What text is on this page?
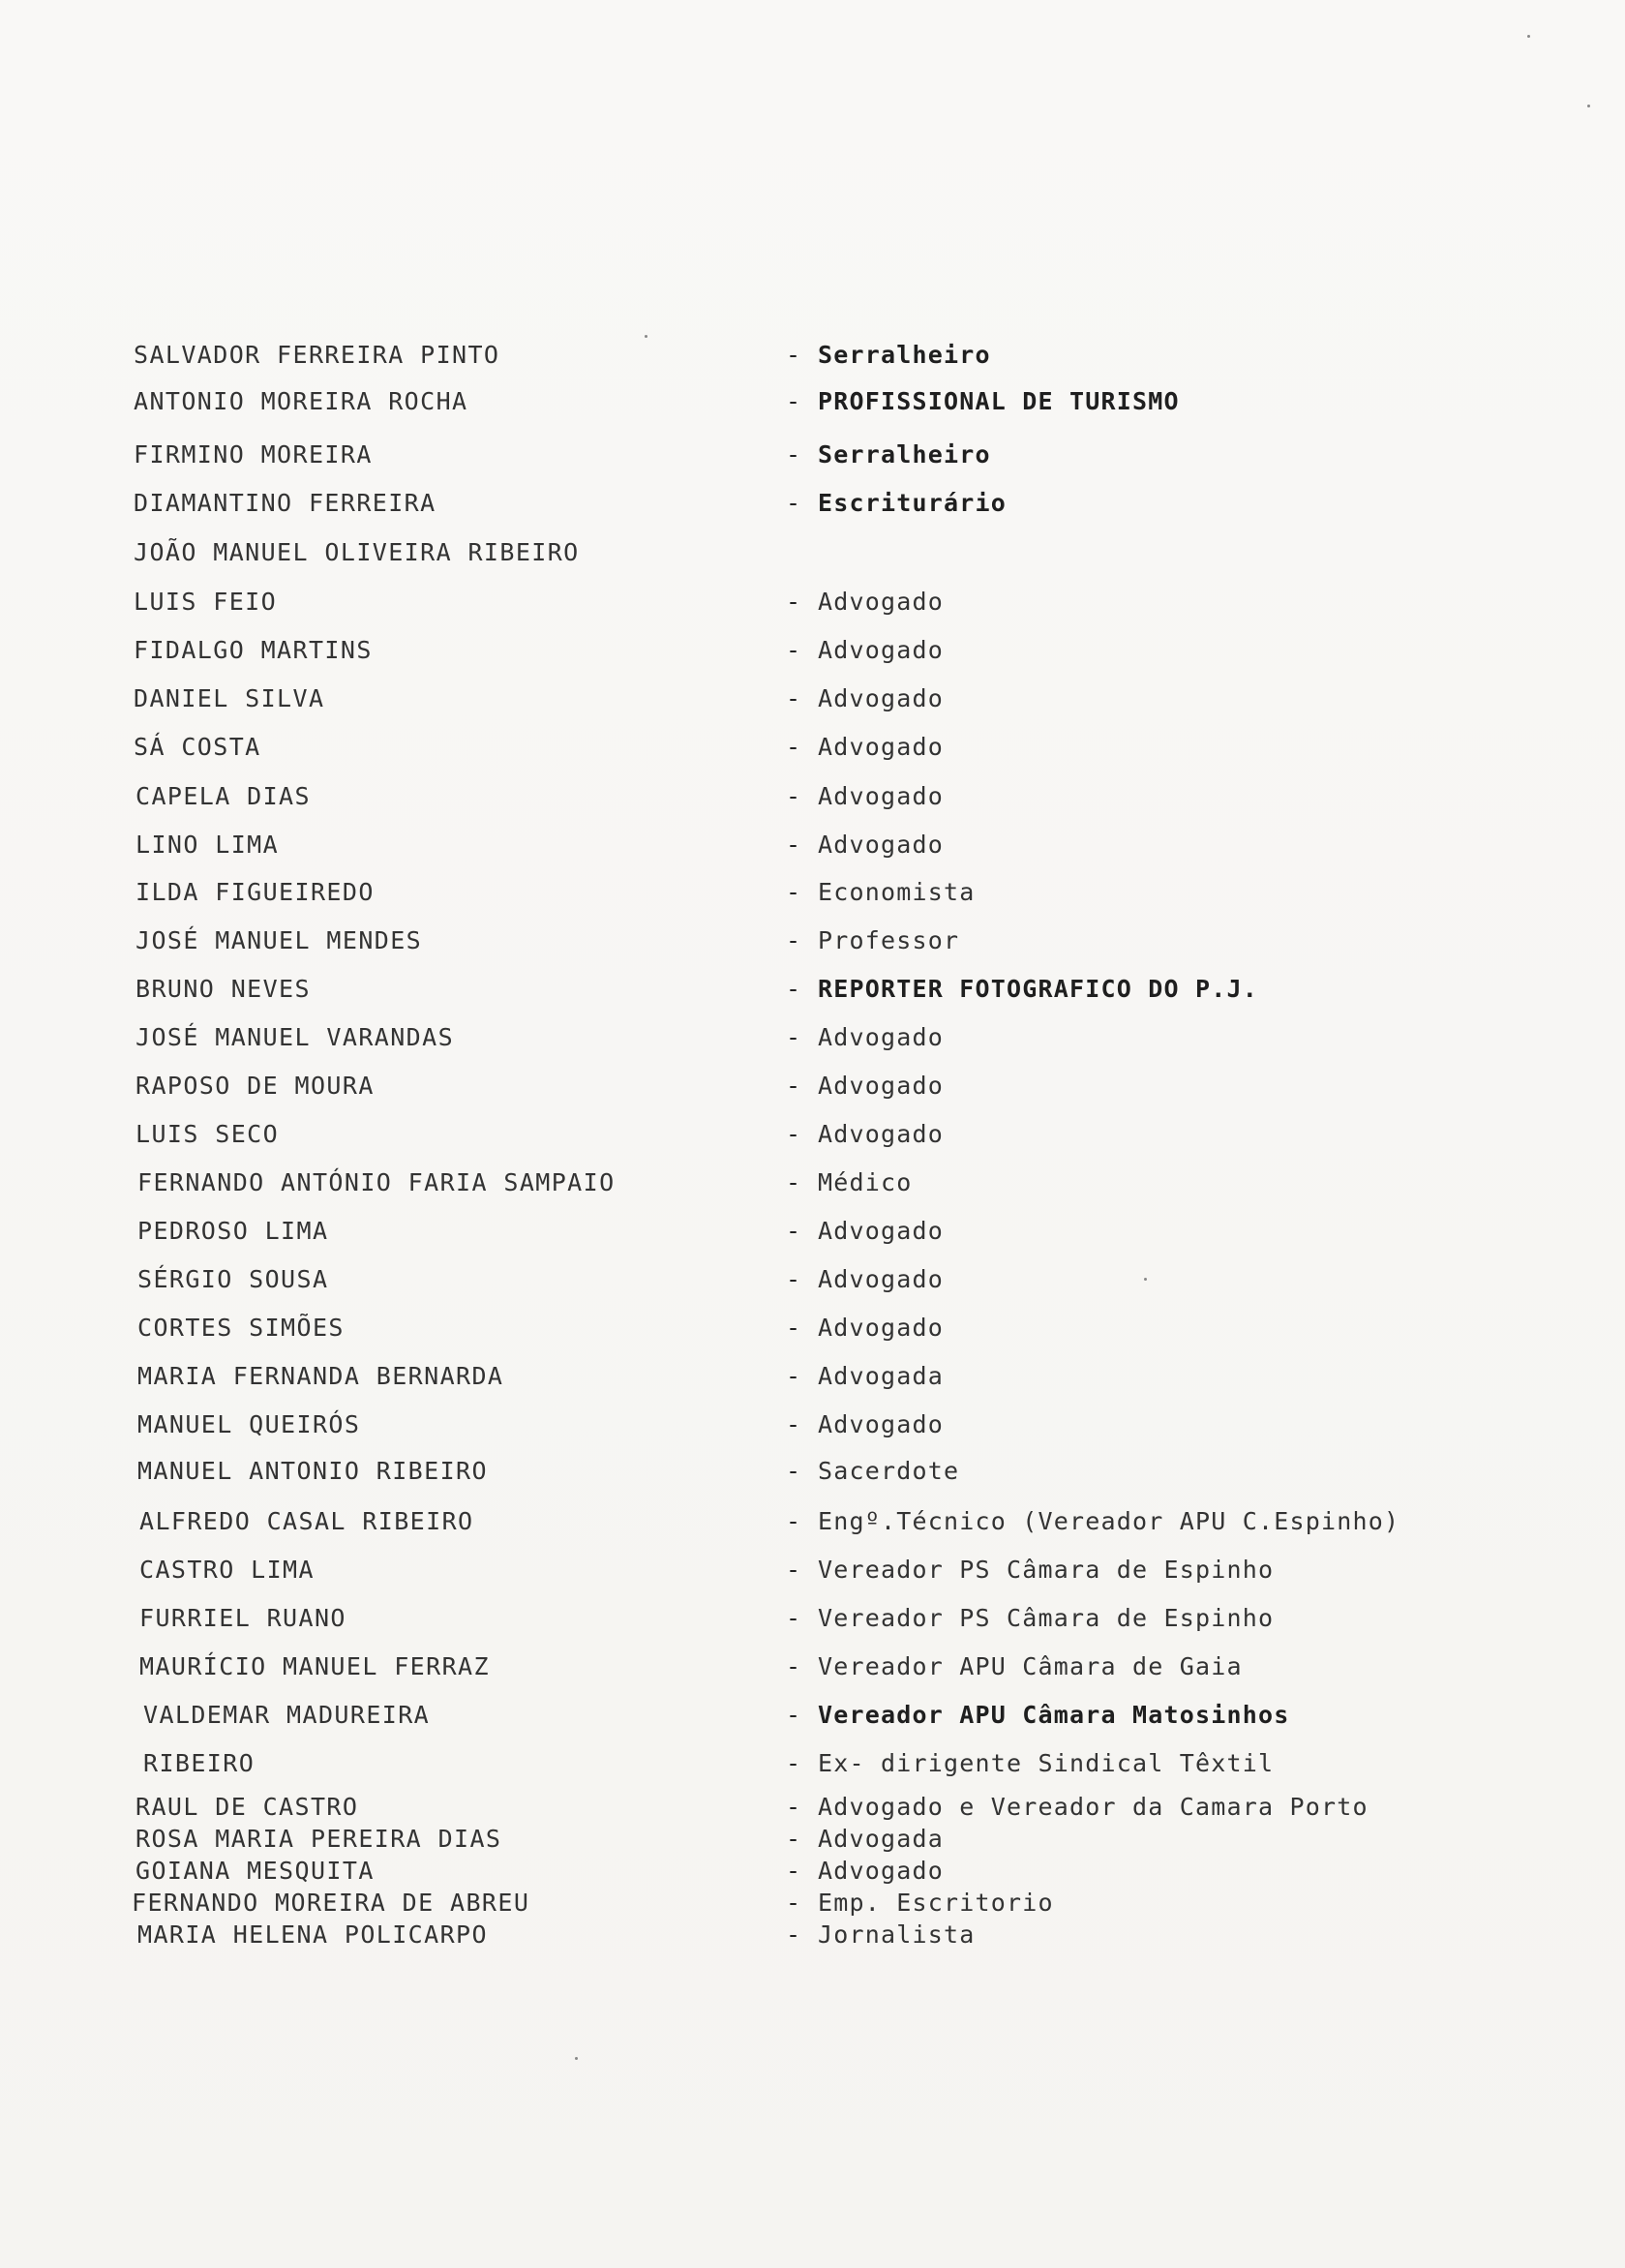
SALVADOR FERREIRA PINTO	- Serralheiro
ANTONIO MOREIRA ROCHA	- PROFISSIONAL DE TURISMO
FIRMINO MOREIRA	- Serralheiro
DIAMANTINO FERREIRA	- Escriturário
JOÃO MANUEL OLIVEIRA RIBEIRO
LUIS FEIO	- Advogado
FIDALGO MARTINS	- Advogado
DANIEL SILVA	- Advogado
SÁ COSTA	- Advogado
CAPELA DIAS	- Advogado
LINO LIMA	- Advogado
ILDA FIGUEIREDO	- Economista
JOSÉ MANUEL MENDES	- Professor
BRUNO NEVES	- REPORTER FOTOGRAFICO DO P.J.
JOSÉ MANUEL VARANDAS	- Advogado
RAPOSO DE MOURA	- Advogado
LUIS SECO	- Advogado
FERNANDO ANTÓNIO FARIA SAMPAIO	- Médico
PEDROSO LIMA	- Advogado
SÉRGIO SOUSA	- Advogado
CORTES SIMÕES	- Advogado
MARIA FERNANDA BERNARDA	- Advogada
MANUEL QUEIRÓS	- Advogado
MANUEL ANTONIO RIBEIRO	- Sacerdote
ALFREDO CASAL RIBEIRO	- Engº.Técnico (Vereador APU C.Espinho)
CASTRO LIMA	- Vereador PS Câmara de Espinho
FURRIEL RUANO	- Vereador PS Câmara de Espinho
MAURÍCIO MANUEL FERRAZ	- Vereador APU Câmara de Gaia
VALDEMAR MADUREIRA	- Vereador APU Câmara Matosinhos
RIBEIRO	- Ex- dirigente Sindical Têxtil
RAUL DE CASTRO	- Advogado e Vereador da Camara Porto
ROSA MARIA PEREIRA DIAS	- Advogada
GOIANA MESQUITA	- Advogado
FERNANDO MOREIRA DE ABREU	- Emp. Escritorio
MARIA HELENA POLICARPO	- Jornalista
